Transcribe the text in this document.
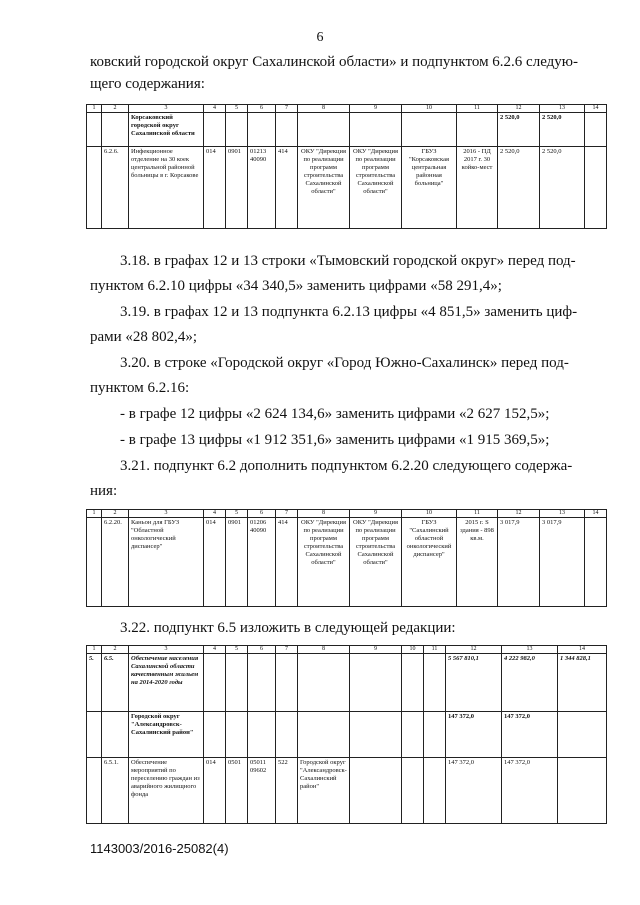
6
ковский городской округ Сахалинской области» и подпунктом 6.2.6 следую-
щего содержания:
1	2	3	4	5	6	7	8	9	10	11	12	13	14
		Корсаковский городской округ Сахалинской области									2 520,0	2 520,0	
	6.2.6.	Инфекционное отделение на 30 коек центральной районной больницы в г. Корсакове	014	0901	01213 40090	414	ОКУ "Дирекция по реализации программ строительства Сахалинской области"	ОКУ "Дирекция по реализации программ строительства Сахалинской области"	ГБУЗ "Корсаковская центральная районная больница"	2016 - ПД 2017 г. 30 койко-мест	2 520,0	2 520,0	
3.18. в графах 12 и 13 строки «Тымовский городской округ» перед под-
пунктом 6.2.10 цифры «34 340,5» заменить цифрами «58 291,4»;
3.19. в графах 12 и 13 подпункта 6.2.13 цифры «4 851,5» заменить циф-
рами «28 802,4»;
3.20. в строке «Городской округ «Город Южно-Сахалинск» перед под-
пунктом 6.2.16:
- в графе 12 цифры «2 624 134,6» заменить цифрами «2 627 152,5»;
- в графе 13 цифры «1 912 351,6» заменить цифрами «1 915 369,5»;
3.21. подпункт 6.2 дополнить подпунктом 6.2.20 следующего содержа-
ния:
1	2	3	4	5	6	7	8	9	10	11	12	13	14
	6.2.20.	Каньон для ГБУЗ "Областной онкологический диспансер"	014	0901	01206 40090	414	ОКУ "Дирекция по реализации программ строительства Сахалинской области"	ОКУ "Дирекция по реализации программ строительства Сахалинской области"	ГБУЗ "Сахалинский областной онкологический диспансер"	2015 г. S здания - 898 кв.м.	3 017,9	3 017,9	
3.22. подпункт 6.5 изложить в следующей редакции:
1	2	3	4	5	6	7	8	9	10	11	12	13	14
5.	6.5.	Обеспечение населения Сахалинской области качественным жильем на 2014-2020 годы									5 567 810,1	4 222 982,0	1 344 828,1
		Городской округ "Александровск-Сахалинский район"									147 372,0	147 372,0	
	6.5.1.	Обеспечение мероприятий по переселению граждан из аварийного жилищного фонда	014	0501	05011 09602	522	Городской округ "Александровск-Сахалинский район"				147 372,0	147 372,0	
1143003/2016-25082(4)
